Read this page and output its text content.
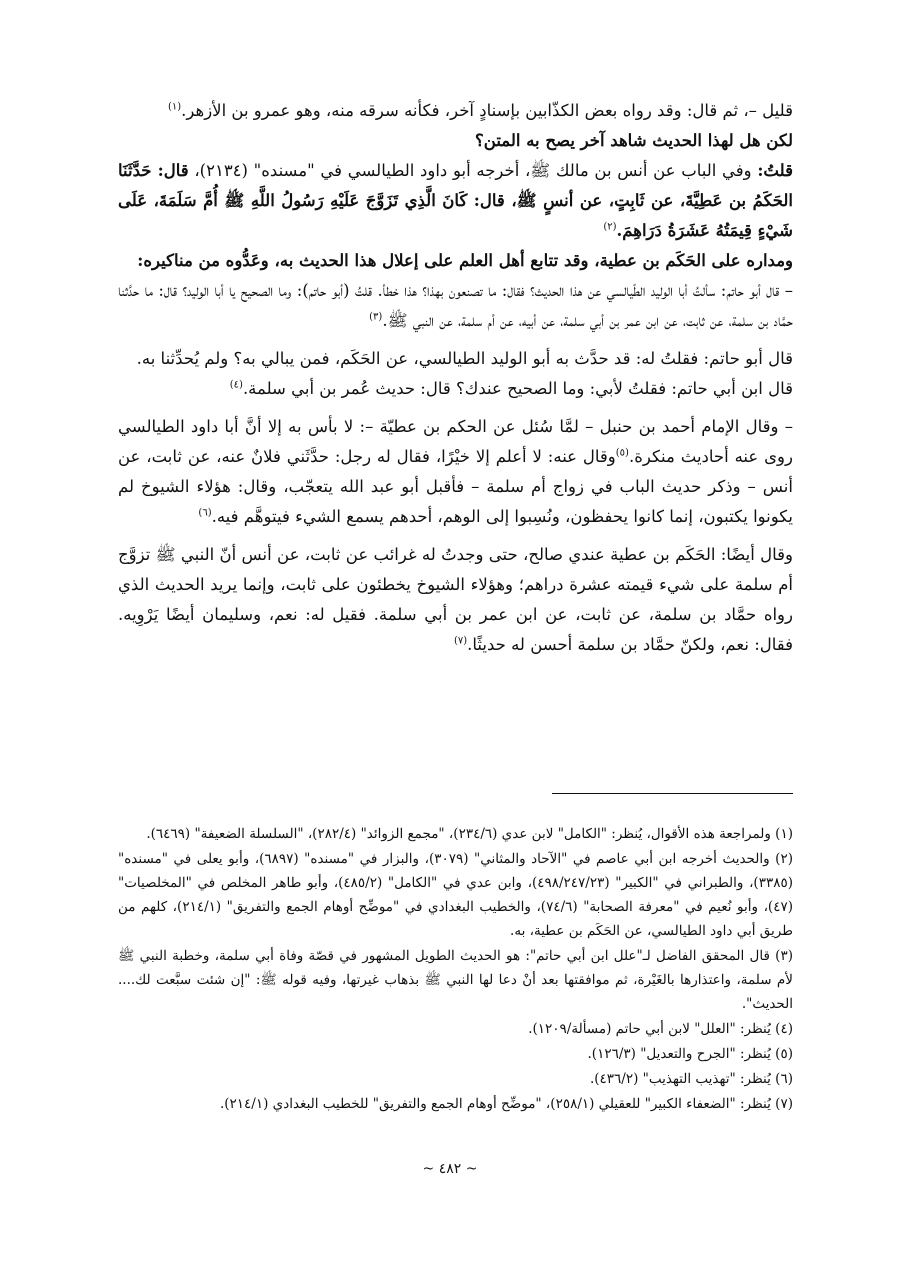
قليل –، ثم قال: وقد رواه بعض الكذّابين بإسنادٍ آخر، فكأنه سرقه منه، وهو عمرو بن الأزهر.$^{(١)}$

لكن هل لهذا الحديث شاهد آخر يصح به المتن؟

قلتُ: وفي الباب عن أنس بن مالك ﷺ، أخرجه أبو داود الطيالسي في "مسنده" (٢١٣٤)، قال: حَدَّثَنَا الحَكَمُ بن عَطِيَّةَ، عن ثَابِتٍ، عن أنسٍ ﷺ، قال: كَانَ الَّذِي تَزَوَّجَ عَلَيْهِ رَسُولُ اللَّهِ ﷺ أُمَّ سَلَمَةَ، عَلَى شَيْءٍ قِيمَتُهُ عَشَرَةُ دَرَاهِمَ.$^{(٢)}$

ومداره على الحَكَم بن عطية، وقد تتابع أهل العلم على إعلال هذا الحديث به، وعَدُّوه من مناكيره:

– قال أبو حاتم: سألتُ أبا الوليد الطّيالسي عن هذا الحديث؟ فقال: ما تصنعون بهذا؟ هذا خطأ. قلتُ (أبو حاتم): وما الصحيح يا أبا الوليد؟ قال: ما حدَّثنا حمَّاد بن سلمة، عن ثابت، عن ابن عمر بن أبي سلمة، عن أبيه، عن أم سلمة، عن النبي ﷺ.$^{(٣)}$

قال أبو حاتم: فقلتُ له: قد حدَّث به أبو الوليد الطيالسي، عن الحَكَم، فمن يبالي به؟ ولم يُحدِّثنا به.

قال ابن أبي حاتم: فقلتُ لأبي: وما الصحيح عندك؟ قال: حديث عُمر بن أبي سلمة.$^{(٤)}$

– وقال الإمام أحمد بن حنبل – لمَّا سُئل عن الحكم بن عطيّة –: لا بأس به إلا أنَّ أبا داود الطيالسي روى عنه أحاديث منكرة.$^{(٥)}$وقال عنه: لا أعلم إلا خيْرًا، فقال له رجل: حدَّثَني فلانٌ عنه، عن ثابت، عن أنس – وذكر حديث الباب في زواج أم سلمة – فأقبل أبو عبد الله يتعجّب، وقال: هؤلاء الشيوخ لم يكونوا يكتبون، إنما كانوا يحفظون، ونُسِبوا إلى الوهم، أحدهم يسمع الشيء فيتوهَّم فيه.$^{(٦)}$

وقال أيضًا: الحَكَم بن عطية عندي صالح، حتى وجدتُ له غرائب عن ثابت، عن أنس أنّ النبي ﷺ تزوَّج أم سلمة على شيء قيمته عشرة دراهم؛ وهؤلاء الشيوخ يخطئون على ثابت، وإنما يريد الحديث الذي رواه حمَّاد بن سلمة، عن ثابت، عن ابن عمر بن أبي سلمة. فقيل له: نعم، وسليمان أيضًا يَرْوِيه. فقال: نعم، ولكنّ حمَّاد بن سلمة أحسن له حديثًا.$^{(٧)}$

(١) ولمراجعة هذه الأقوال، يُنظر: "الكامل" لابن عدي (٢٣٤/٦)، "مجمع الزوائد" (٢٨٢/٤)، "السلسلة الضعيفة" (٦٤٦٩).

(٢) والحديث أخرجه ابن أبي عاصم في "الآحاد والمثاني" (٣٠٧٩)، والبزار في "مسنده" (٦٨٩٧)، وأبو يعلى في "مسنده" (٣٣٨٥)، والطبراني في "الكبير" (٤٩٨/٢٤٧/٢٣)، وابن عدي في "الكامل" (٤٨٥/٢)، وأبو طاهر المخلص في "المخلصيات" (٤٧)، وأبو نُعيم في "معرفة الصحابة" (٧٤/٦)، والخطيب البغدادي في "موضِّح أوهام الجمع والتفريق" (٢١٤/١)، كلهم من طريق أبي داود الطيالسي، عن الحَكَم بن عطية، به.

(٣) قال المحقق الفاضل لـ"علل ابن أبي حاتم": هو الحديث الطويل المشهور في قصّة وفاة أبي سلمة، وخطبة النبي ﷺ لأم سلمة، واعتذارها بالغَيْرة، ثم موافقتها بعد أنْ دعا لها النبي ﷺ بذهاب غيرتها، وفيه قوله ﷺ: "إن شئت سبَّعت لك.... الحديث".

(٤) يُنظر: "العلل" لابن أبي حاتم (مسألة/١٢٠٩).

(٥) يُنظر: "الجرح والتعديل" (١٢٦/٣).

(٦) يُنظر: "تهذيب التهذيب" (٤٣٦/٢).

(٧) يُنظر: "الضعفاء الكبير" للعقيلي (٢٥٨/١)، "موضِّح أوهام الجمع والتفريق" للخطيب البغدادي (٢١٤/١).

~ ٤٨٢ ~
